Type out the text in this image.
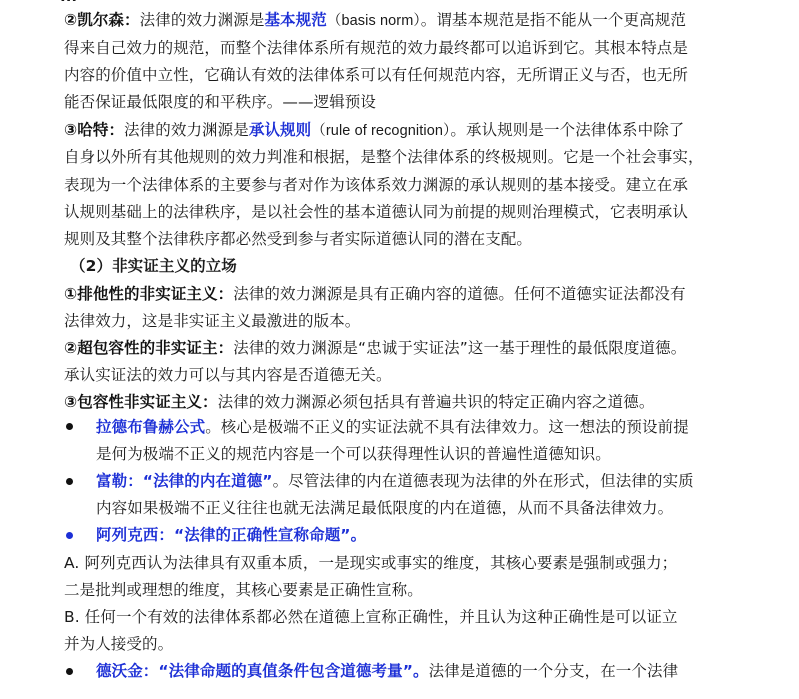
②凯尔森：法律的效力渊源是基本规范（basis norm）。谓基本规范是指不能从一个更高规范
得来自己效力的规范，而整个法律体系所有规范的效力最终都可以追诉到它。其根本特点是
内容的价值中立性，它确认有效的法律体系可以有任何规范内容，无所谓正义与否，也无所
能否保证最低限度的和平秩序。——逻辑预设
③哈特：法律的效力渊源是承认规则（rule of recognition）。承认规则是一个法律体系中除了
自身以外所有其他规则的效力判准和根据，是整个法律体系的终极规则。它是一个社会事实，
表现为一个法律体系的主要参与者对作为该体系效力渊源的承认规则的基本接受。建立在承
认规则基础上的法律秩序，是以社会性的基本道德认同为前提的规则治理模式，它表明承认
规则及其整个法律秩序都必然受到参与者实际道德认同的潜在支配。
（2）非实证主义的立场
①排他性的非实证主义：法律的效力渊源是具有正确内容的道德。任何不道德实证法都没有
法律效力，这是非实证主义最激进的版本。
②超包容性的非实证主：法律的效力渊源是“忠诚于实证法”这一基于理性的最低限度道德。
承认实证法的效力可以与其内容是否道德无关。
③包容性非实证主义：法律的效力渊源必须包括具有普遍共识的特定正确内容之道德。
拉德布鲁赫公式。核心是极端不正义的实证法就不具有法律效力。这一想法的预设前提
是何为极端不正义的规范内容是一个可以获得理性认识的普遍性道德知识。
富勒：“法律的内在道德”。尽管法律的内在道德表现为法律的外在形式，但法律的实质
内容如果极端不正义往往也就无法满足最低限度的内在道德，从而不具备法律效力。
阿列克西：“法律的正确性宣称命题”。
A. 阿列克西认为法律具有双重本质，一是现实或事实的维度，其核心要素是强制或强力；
二是批判或理想的维度，其核心要素是正确性宣称。
B. 任何一个有效的法律体系都必然在道德上宣称正确性，并且认为这种正确性是可以证立
并为人接受的。
德沃金：“法律命题的真值条件包含道德考量”。法律是道德的一个分支，在一个法律
